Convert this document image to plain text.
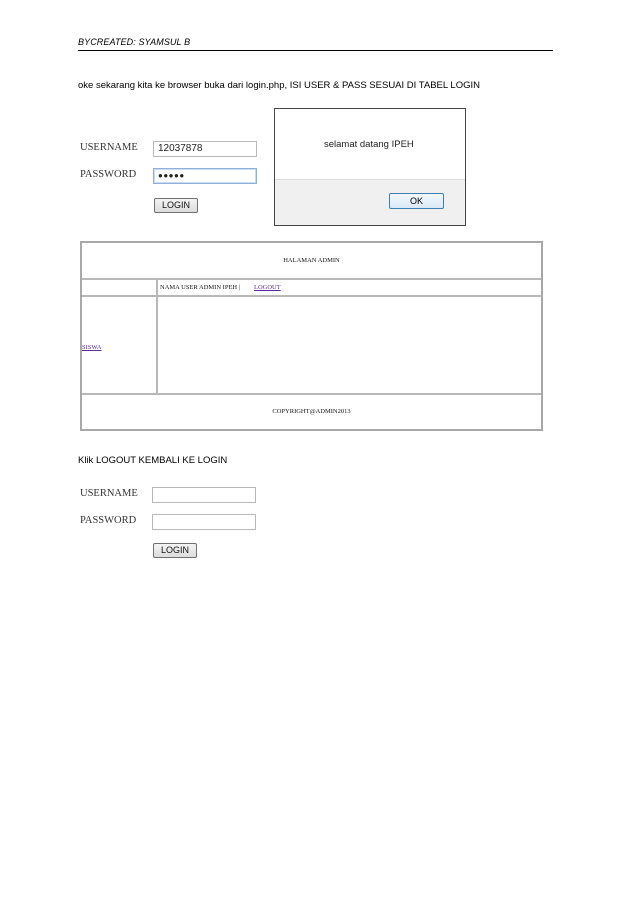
BYCREATED: SYAMSUL B
oke sekarang kita ke browser buka dari login.php, ISI USER & PASS SESUAI DI TABEL LOGIN
USERNAME	12037878
PASSWORD	●●●●●
LOGIN
selamat datang IPEH
OK
HALAMAN ADMIN
NAMA USER ADMIN IPEH | LOGOUT
SISWA
COPYRIGHT@ADMIN2013
Klik LOGOUT KEMBALI KE LOGIN
USERNAME
PASSWORD
LOGIN
